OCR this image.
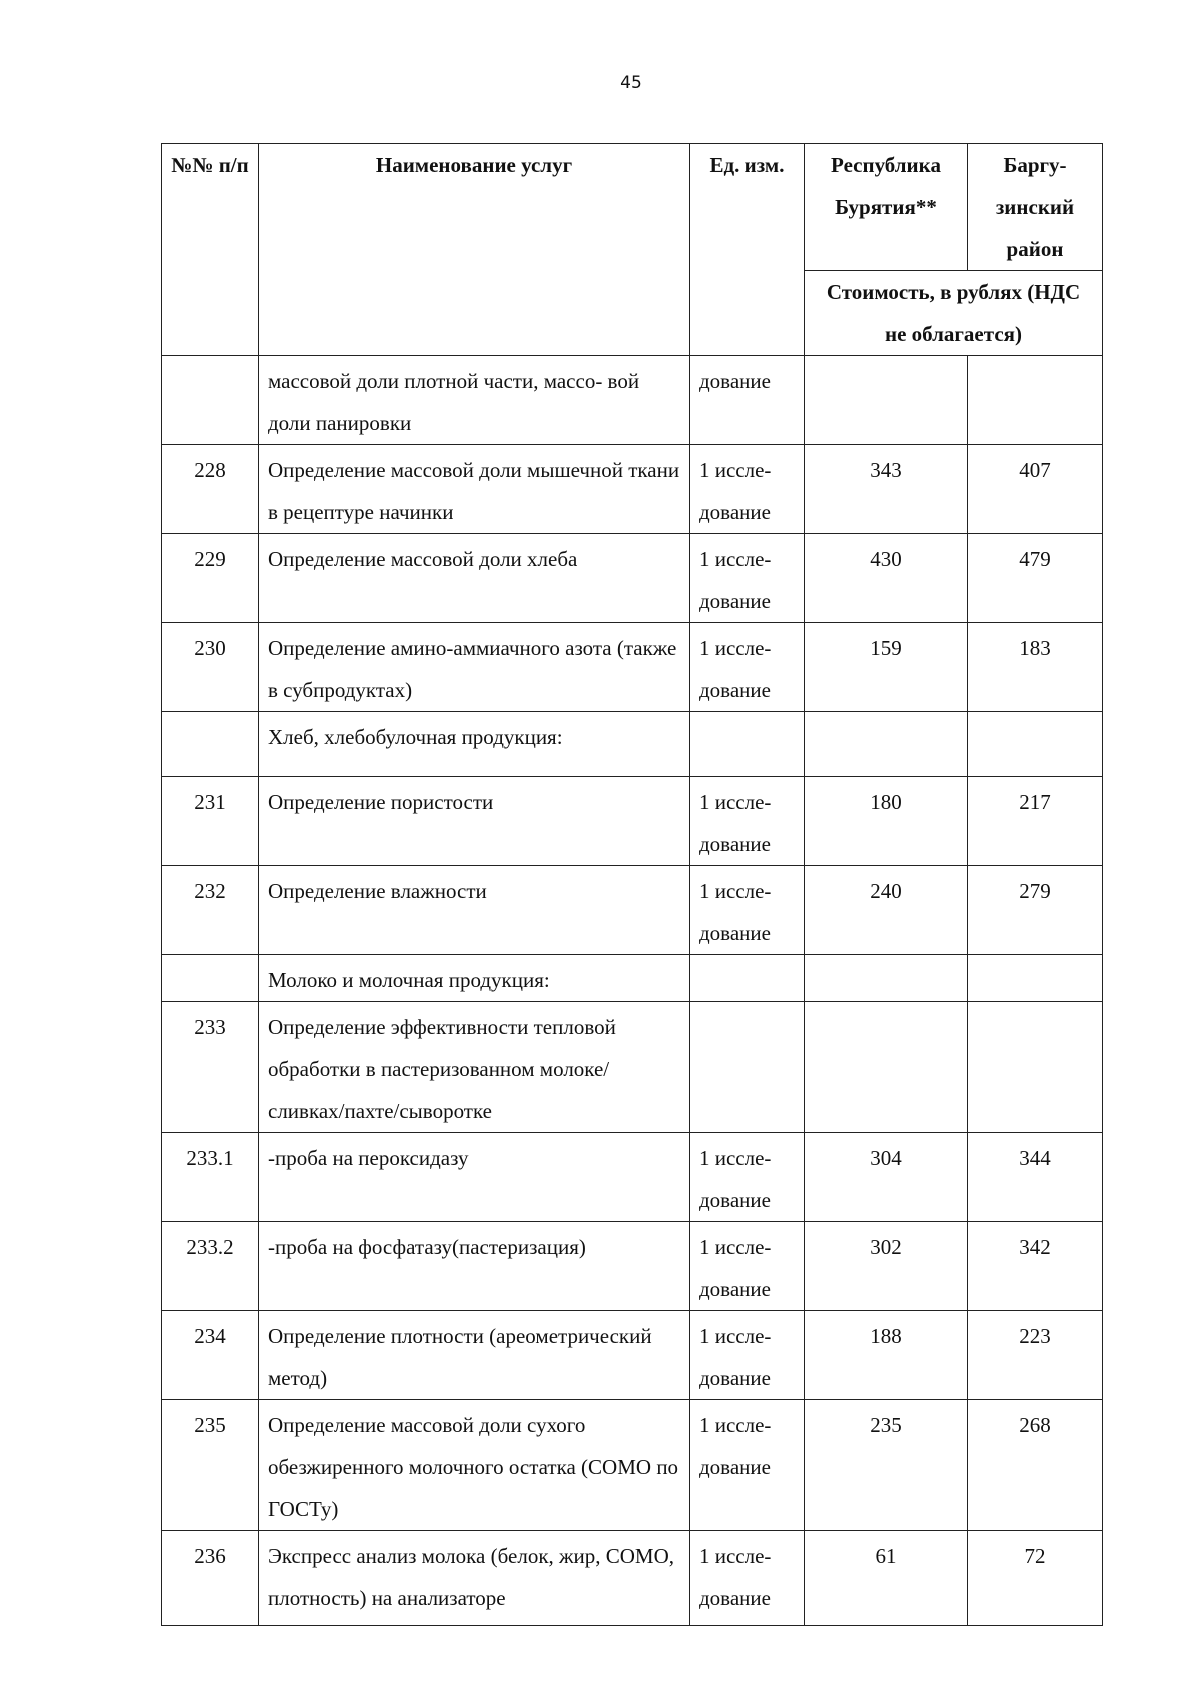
45
№№ п/п	Наименование услуг	Ед. изм.	Республика Бурятия**	Баргу- зинский район
			Стоимость, в рублях (НДС не облагается)	
	массовой доли плотной части, массо- вой доли панировки	дование		
228	Определение массовой доли мышечной ткани в рецептуре начинки	1 иссле- дование	343	407
229	Определение массовой доли хлеба	1 иссле- дование	430	479
230	Определение амино-аммиачного азота (также в субпродуктах)	1 иссле- дование	159	183
	Хлеб, хлебобулочная продукция:			
231	Определение пористости	1 иссле- дование	180	217
232	Определение влажности	1 иссле- дование	240	279
	Молоко и молочная продукция:			
233	Определение эффективности тепловой обработки в пастеризованном молоке/сливках/пахте/сыворотке			
233.1	-проба на пероксидазу	1 иссле- дование	304	344
233.2	-проба на фосфатазу(пастеризация)	1 иссле- дование	302	342
234	Определение плотности (ареометрический метод)	1 иссле- дование	188	223
235	Определение массовой доли сухого обезжиренного молочного остатка (СОМО по ГОСТу)	1 иссле- дование	235	268
236	Экспресс анализ молока (белок, жир, СОМО, плотность) на анализаторе	1 иссле- дование	61	72
